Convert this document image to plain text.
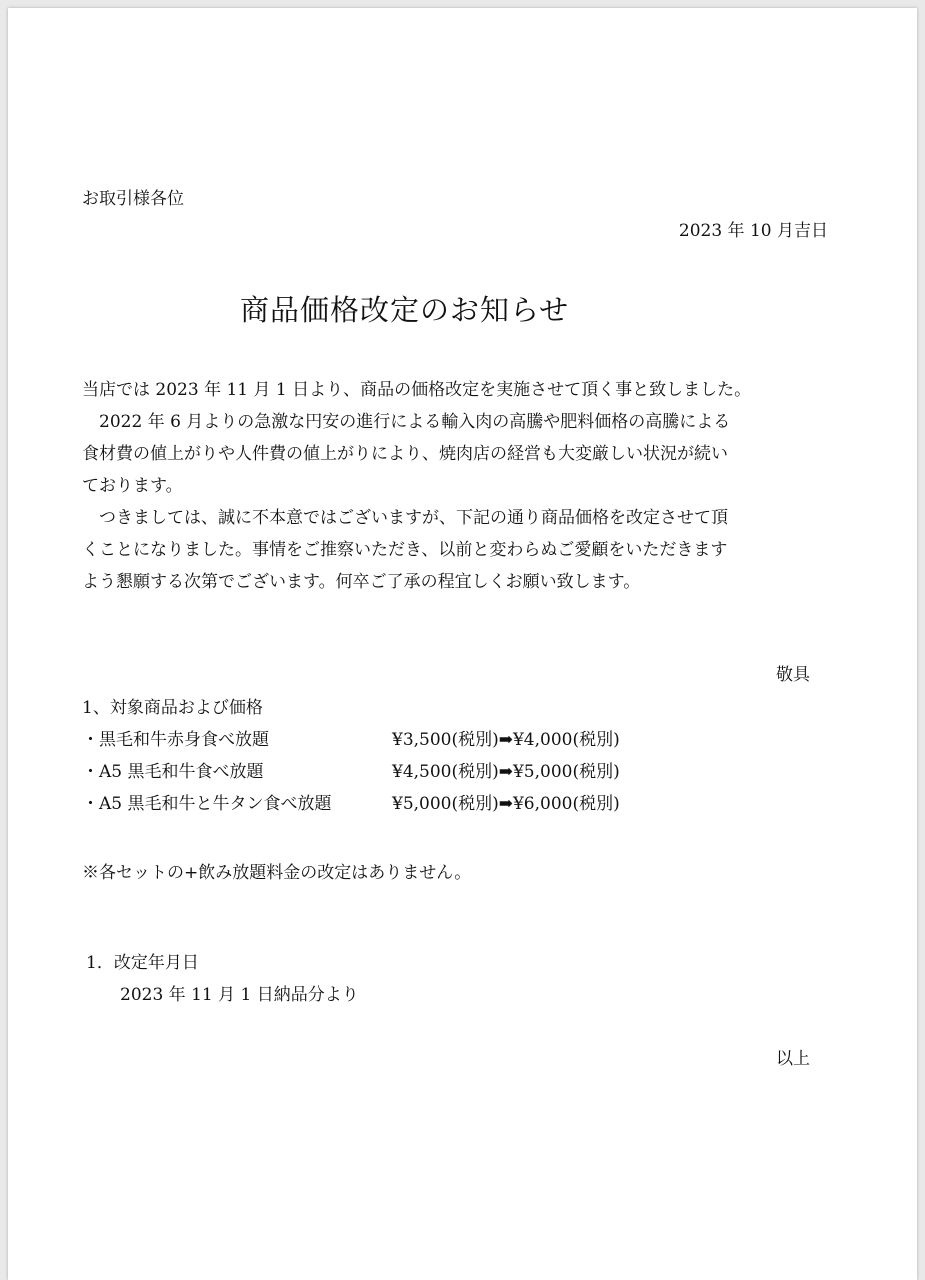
お取引様各位
2023 年 10 月吉日
商品価格改定のお知らせ

当店では 2023 年 11 月 1 日より、商品の価格改定を実施させて頂く事と致しました。

　2022 年 6 月よりの急激な円安の進行による輸入肉の高騰や肥料価格の高騰による

食材費の値上がりや人件費の値上がりにより、焼肉店の経営も大変厳しい状況が続い

ております。

　つきましては、誠に不本意ではございますが、下記の通り商品価格を改定させて頂

くことになりました。事情をご推察いただき、以前と変わらぬご愛顧をいただきます

よう懇願する次第でございます。何卒ご了承の程宜しくお願い致します。

敬具
1、対象商品および価格
・黒毛和牛赤身食べ放題	¥3,500(税別)➡¥4,000(税別)
・A5 黒毛和牛食べ放題	¥4,500(税別)➡¥5,000(税別)
・A5 黒毛和牛と牛タン食べ放題	¥5,000(税別)➡¥6,000(税別)
※各セットの+飲み放題料金の改定はありません。
1．改定年月日
2023 年 11 月 1 日納品分より
以上
